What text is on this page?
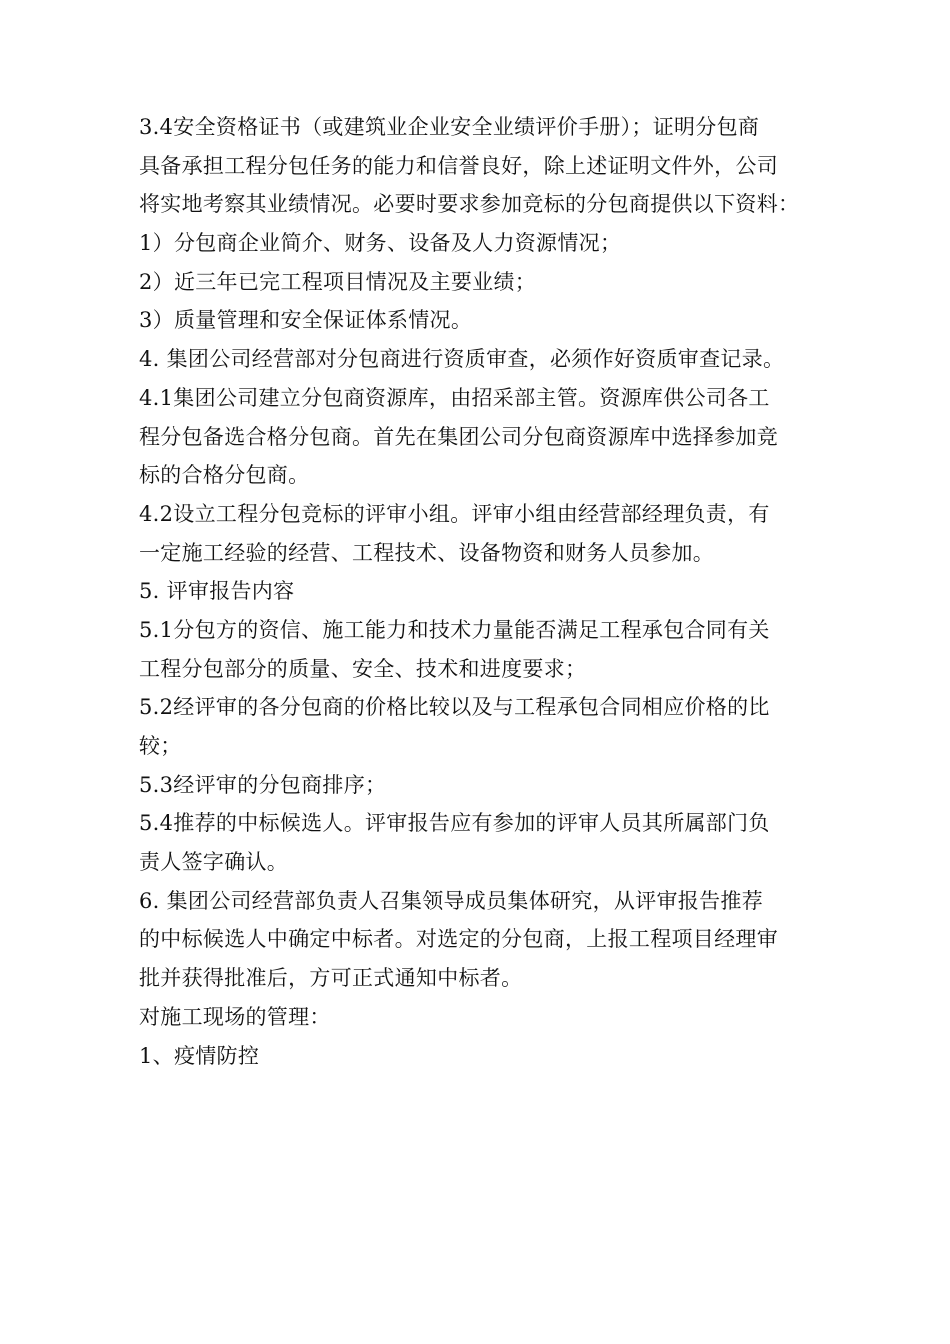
3.4安全资格证书（或建筑业企业安全业绩评价手册）；证明分包商
具备承担工程分包任务的能力和信誉良好，除上述证明文件外，公司
将实地考察其业绩情况。必要时要求参加竞标的分包商提供以下资料：
1）分包商企业简介、财务、设备及人力资源情况；
2）近三年已完工程项目情况及主要业绩；
3）质量管理和安全保证体系情况。
4. 集团公司经营部对分包商进行资质审查，必须作好资质审查记录。
4.1集团公司建立分包商资源库，由招采部主管。资源库供公司各工
程分包备选合格分包商。首先在集团公司分包商资源库中选择参加竞
标的合格分包商。
4.2设立工程分包竞标的评审小组。评审小组由经营部经理负责，有
一定施工经验的经营、工程技术、设备物资和财务人员参加。
5. 评审报告内容
5.1分包方的资信、施工能力和技术力量能否满足工程承包合同有关
工程分包部分的质量、安全、技术和进度要求；
5.2经评审的各分包商的价格比较以及与工程承包合同相应价格的比
较；
5.3经评审的分包商排序；
5.4推荐的中标候选人。评审报告应有参加的评审人员其所属部门负
责人签字确认。
6. 集团公司经营部负责人召集领导成员集体研究，从评审报告推荐
的中标候选人中确定中标者。对选定的分包商，上报工程项目经理审
批并获得批准后，方可正式通知中标者。
对施工现场的管理：
1、疫情防控
